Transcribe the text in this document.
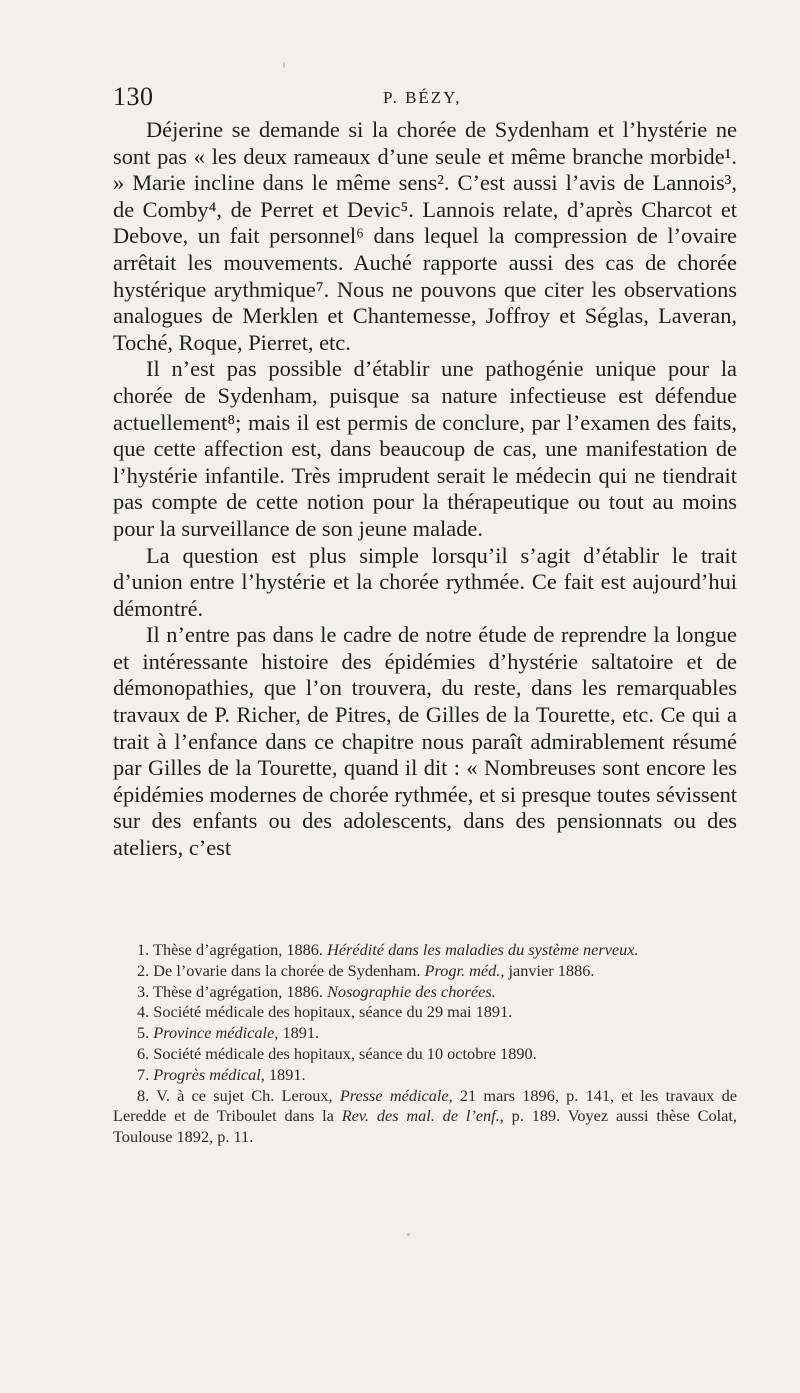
130	P. BÉZY,

Déjerine se demande si la chorée de Sydenham et l’hystérie ne sont pas « les deux rameaux d’une seule et même branche morbide¹. » Marie incline dans le même sens². C’est aussi l’avis de Lannois³, de Comby⁴, de Perret et Devic⁵. Lannois relate, d’après Charcot et Debove, un fait personnel⁶ dans lequel la compression de l’ovaire arrêtait les mouvements. Auché rapporte aussi des cas de chorée hystérique arythmique⁷. Nous ne pouvons que citer les observations analogues de Merklen et Chantemesse, Joffroy et Séglas, Laveran, Toché, Roque, Pierret, etc.

Il n’est pas possible d’établir une pathogénie unique pour la chorée de Sydenham, puisque sa nature infectieuse est défendue actuellement⁸; mais il est permis de conclure, par l’examen des faits, que cette affection est, dans beaucoup de cas, une manifestation de l’hystérie infantile. Très imprudent serait le médecin qui ne tiendrait pas compte de cette notion pour la thérapeutique ou tout au moins pour la surveillance de son jeune malade.

La question est plus simple lorsqu’il s’agit d’établir le trait d’union entre l’hystérie et la chorée rythmée. Ce fait est aujourd’hui démontré.

Il n’entre pas dans le cadre de notre étude de reprendre la longue et intéressante histoire des épidémies d’hystérie saltatoire et de démonopathies, que l’on trouvera, du reste, dans les remarquables travaux de P. Richer, de Pitres, de Gilles de la Tourette, etc. Ce qui a trait à l’enfance dans ce chapitre nous paraît admirablement résumé par Gilles de la Tourette, quand il dit : « Nombreuses sont encore les épidémies modernes de chorée rythmée, et si presque toutes sévissent sur des enfants ou des adolescents, dans des pensionnats ou des ateliers, c’est

1. Thèse d’agrégation, 1886. Hérédité dans les maladies du système nerveux.

2. De l’ovarie dans la chorée de Sydenham. Progr. méd., janvier 1886.

3. Thèse d’agrégation, 1886. Nosographie des chorées.

4. Société médicale des hopitaux, séance du 29 mai 1891.

5. Province médicale, 1891.

6. Société médicale des hopitaux, séance du 10 octobre 1890.

7. Progrès médical, 1891.

8. V. à ce sujet Ch. Leroux, Presse médicale, 21 mars 1896, p. 141, et les travaux de Leredde et de Triboulet dans la Rev. des mal. de l’enf., p. 189. Voyez aussi thèse Colat, Toulouse 1892, p. 11.
